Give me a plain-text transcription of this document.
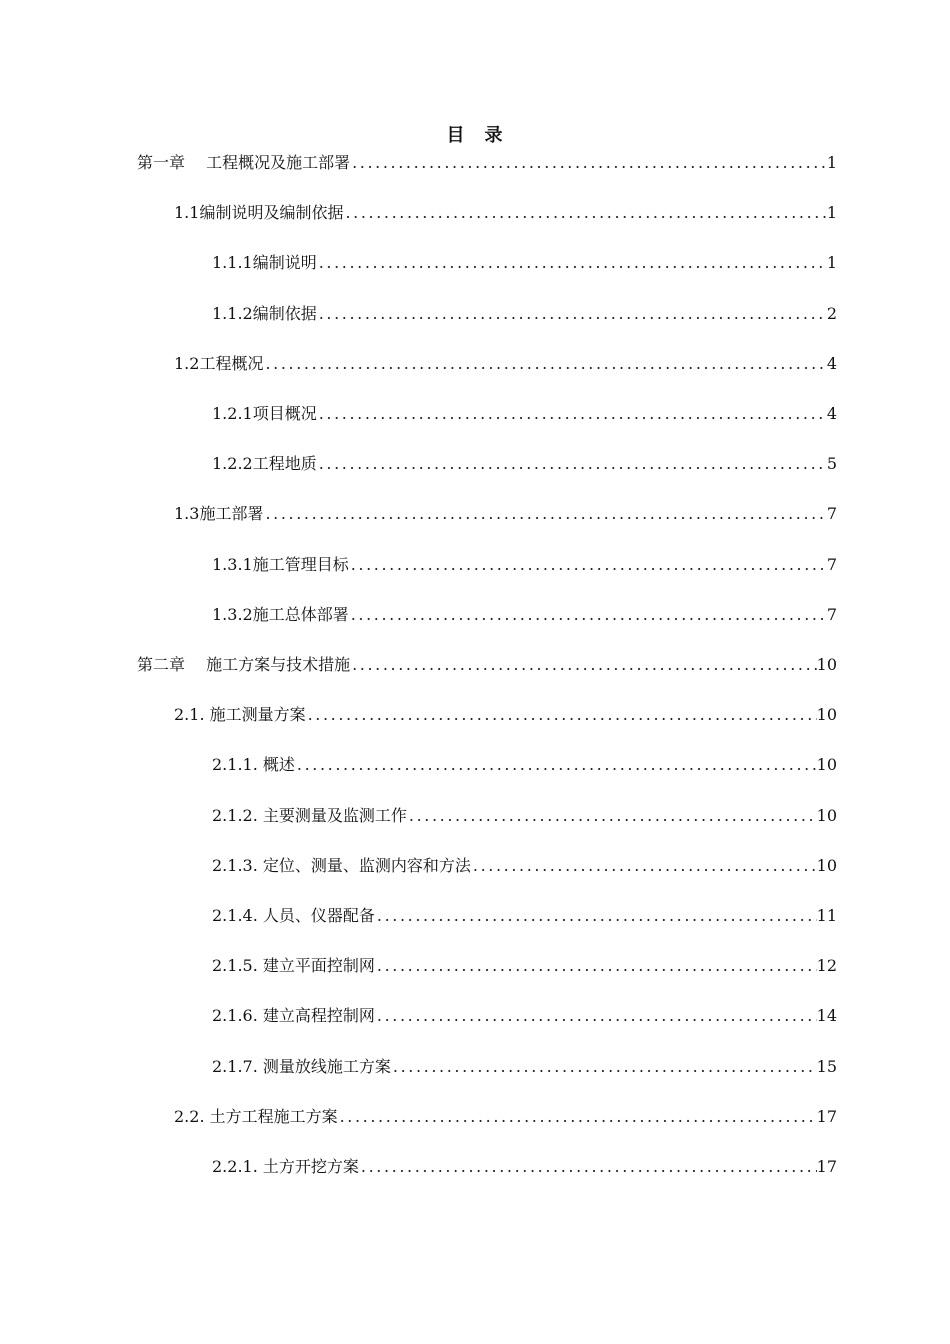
目　录
第一章　 工程概况及施工部署 .....	1
1.1编制说明及编制依据 .....	1
1.1.1编制说明 .....	1
1.1.2编制依据 .....	2
1.2工程概况 .....	4
1.2.1项目概况 .....	4
1.2.2工程地质 .....	5
1.3施工部署 .....	7
1.3.1施工管理目标 .....	7
1.3.2施工总体部署 .....	7
第二章　 施工方案与技术措施 .....	10
2.1. 施工测量方案 .....	10
2.1.1. 概述 .....	10
2.1.2. 主要测量及监测工作 .....	10
2.1.3. 定位、测量、监测内容和方法 .....	10
2.1.4. 人员、仪器配备 .....	11
2.1.5. 建立平面控制网 .....	12
2.1.6. 建立高程控制网 .....	14
2.1.7. 测量放线施工方案 .....	15
2.2. 土方工程施工方案 .....	17
2.2.1. 土方开挖方案 .....	17
